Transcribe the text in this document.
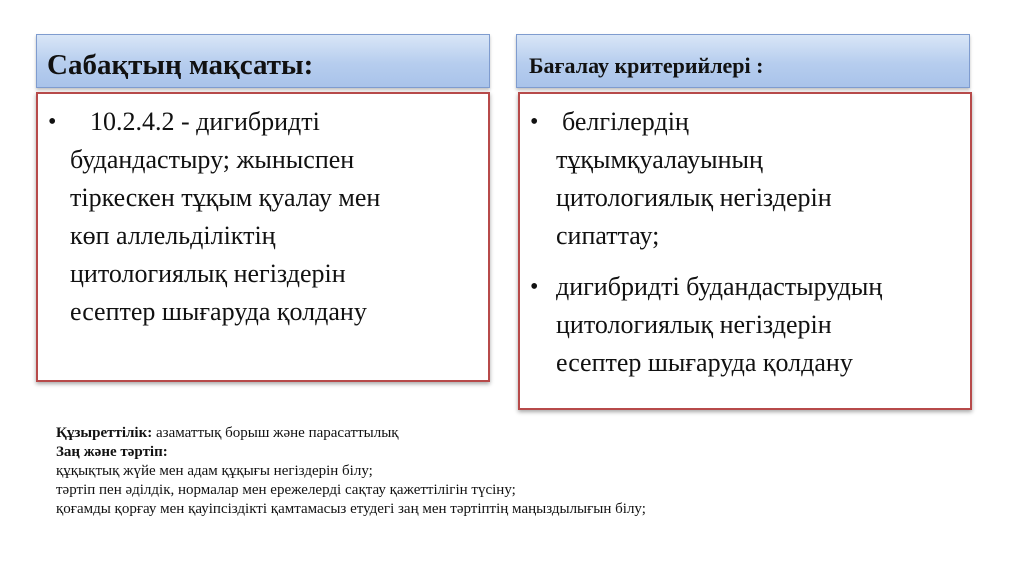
Сабақтың мақсаты:	Бағалау критерийлері :
•	10.2.4.2 - дигибридті
будандастыру; жыныспен
тіркескен тұқым қуалау мен
көп аллельділіктің
цитологиялық негіздерін
есептер шығаруда қолдану
• белгілердің
тұқымқуалауының
цитологиялық негіздерін
сипаттау;
• дигибридті будандастырудың
цитологиялық негіздерін
есептер шығаруда қолдану
Құзыреттілік: азаматтық борыш және парасаттылық
Заң және тәртіп:
құқықтық жүйе мен адам құқығы негіздерін білу;
тәртіп пен әділдік, нормалар мен ережелерді сақтау қажеттілігін түсіну;
қоғамды қорғау мен қауіпсіздікті қамтамасыз етудегі заң мен тәртіптің маңыздылығын білу;
